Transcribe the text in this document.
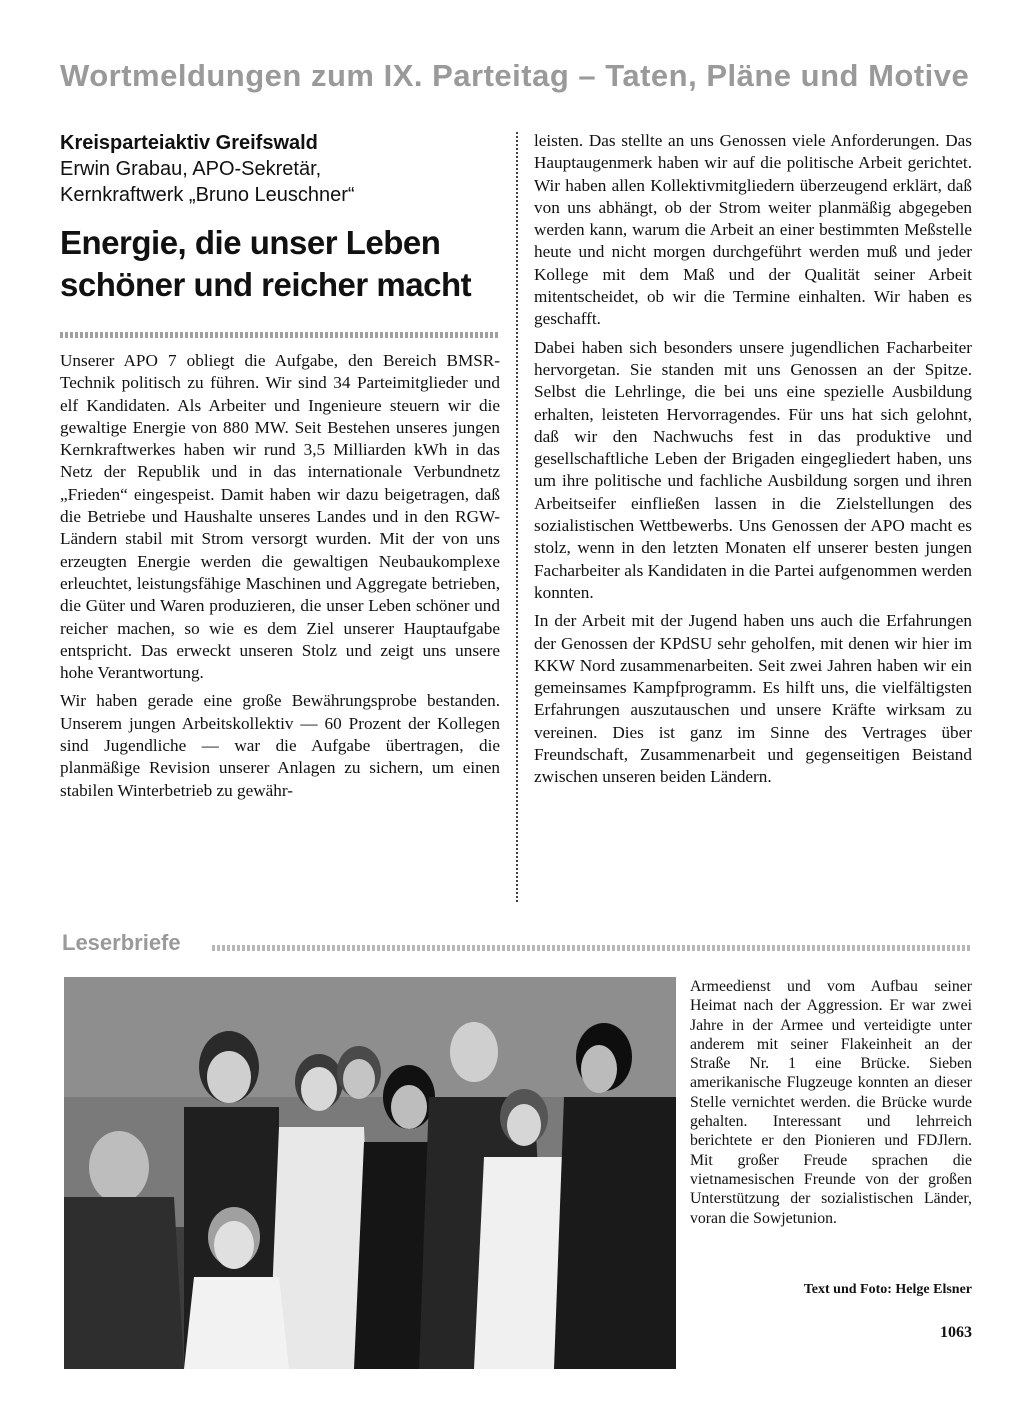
Wortmeldungen zum IX. Parteitag – Taten, Pläne und Motive
Kreisparteiaktiv Greifswald
Erwin Grabau, APO-Sekretär,
Kernkraftwerk „Bruno Leuschner“
Energie, die unser Leben
schöner und reicher macht

Unserer APO 7 obliegt die Aufgabe, den Bereich BMSR-Technik politisch zu führen. Wir sind 34 Parteimitglieder und elf Kandidaten. Als Arbeiter und Ingenieure steuern wir die gewaltige Energie von 880 MW. Seit Bestehen unseres jungen Kernkraftwerkes haben wir rund 3,5 Milliarden kWh in das Netz der Republik und in das internationale Verbundnetz „Frieden“ eingespeist. Damit haben wir dazu beigetragen, daß die Betriebe und Haushalte unseres Landes und in den RGW-Ländern stabil mit Strom versorgt wurden. Mit der von uns erzeugten Energie werden die gewaltigen Neubaukomplexe erleuchtet, leistungsfähige Maschinen und Aggregate betrieben, die Güter und Waren produzieren, die unser Leben schöner und reicher machen, so wie es dem Ziel unserer Hauptaufgabe entspricht. Das erweckt unseren Stolz und zeigt uns unsere hohe Verantwortung.

Wir haben gerade eine große Bewährungsprobe bestanden. Unserem jungen Arbeitskollektiv — 60 Prozent der Kollegen sind Jugendliche — war die Aufgabe übertragen, die planmäßige Revision unserer Anlagen zu sichern, um einen stabilen Winterbetrieb zu gewähr-

leisten. Das stellte an uns Genossen viele Anforderungen. Das Hauptaugenmerk haben wir auf die politische Arbeit gerichtet. Wir haben allen Kollektivmitgliedern überzeugend erklärt, daß von uns abhängt, ob der Strom weiter planmäßig abgegeben werden kann, warum die Arbeit an einer bestimmten Meßstelle heute und nicht morgen durchgeführt werden muß und jeder Kollege mit dem Maß und der Qualität seiner Arbeit mitentscheidet, ob wir die Termine einhalten. Wir haben es geschafft.

Dabei haben sich besonders unsere jugendlichen Facharbeiter hervorgetan. Sie standen mit uns Genossen an der Spitze. Selbst die Lehrlinge, die bei uns eine spezielle Ausbildung erhalten, leisteten Hervorragendes. Für uns hat sich gelohnt, daß wir den Nachwuchs fest in das produktive und gesellschaftliche Leben der Brigaden eingegliedert haben, uns um ihre politische und fachliche Ausbildung sorgen und ihren Arbeitseifer einfließen lassen in die Zielstellungen des sozialistischen Wettbewerbs. Uns Genossen der APO macht es stolz, wenn in den letzten Monaten elf unserer besten jungen Facharbeiter als Kandidaten in die Partei aufgenommen werden konnten.

In der Arbeit mit der Jugend haben uns auch die Erfahrungen der Genossen der KPdSU sehr geholfen, mit denen wir hier im KKW Nord zusammenarbeiten. Seit zwei Jahren haben wir ein gemeinsames Kampfprogramm. Es hilft uns, die vielfältigsten Erfahrungen auszutauschen und unsere Kräfte wirksam zu vereinen. Dies ist ganz im Sinne des Vertrages über Freundschaft, Zusammenarbeit und gegenseitigen Beistand zwischen unseren beiden Ländern.

Leserbriefe

Armeedienst und vom Aufbau seiner Heimat nach der Aggression. Er war zwei Jahre in der Armee und verteidigte unter anderem mit seiner Flakeinheit an der Straße Nr. 1 eine Brücke. Sieben amerikanische Flugzeuge konnten an dieser Stelle vernichtet werden. die Brücke wurde gehalten. Interessant und lehrreich berichtete er den Pionieren und FDJlern. Mit großer Freude sprachen die vietnamesischen Freunde von der großen Unterstützung der sozialistischen Länder, voran die Sowjetunion.

Text und Foto: Helge Elsner
1063
